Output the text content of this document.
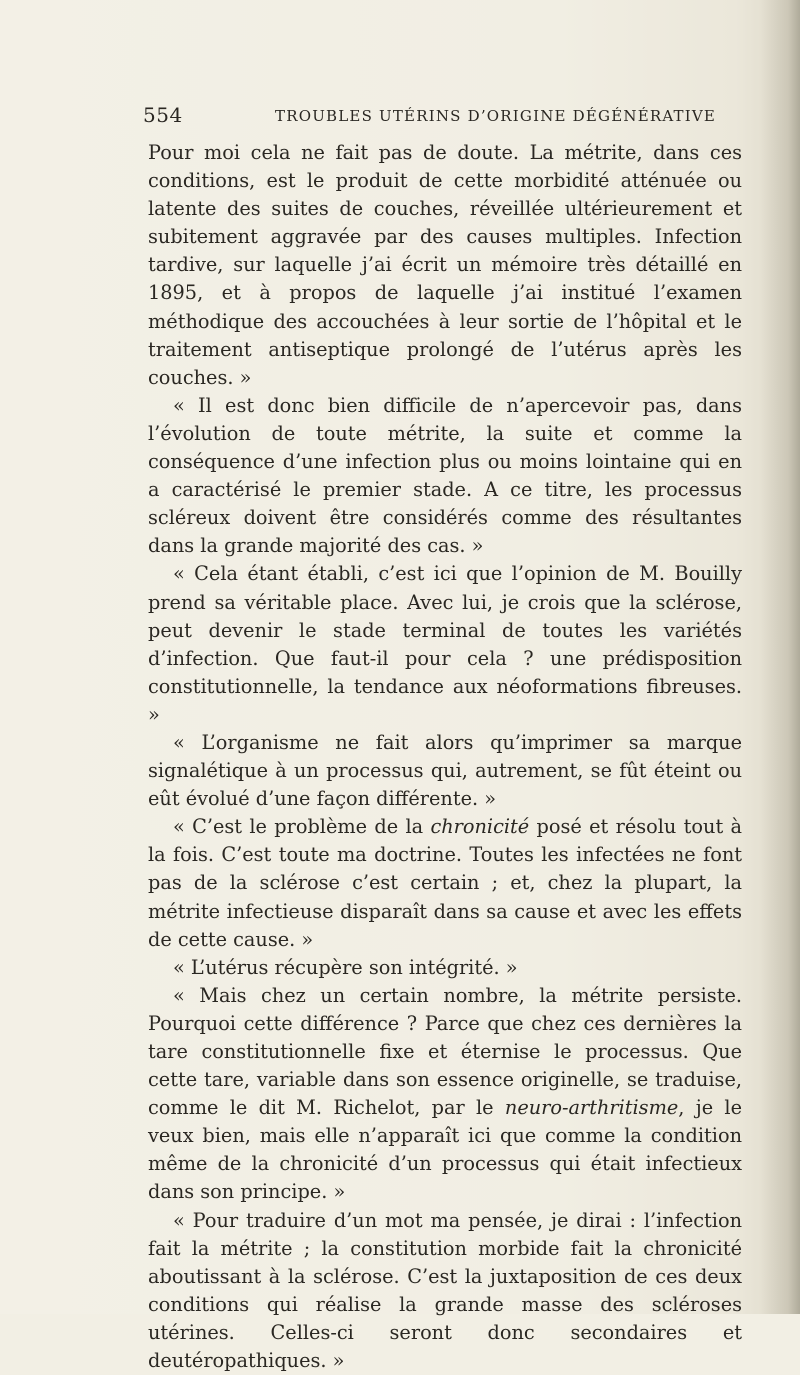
554	TROUBLES UTÉRINS D’ORIGINE DÉGÉNÉRATIVE

Pour moi cela ne fait pas de doute. La métrite, dans ces conditions, est le produit de cette morbidité atténuée ou latente des suites de couches, réveillée ultérieurement et subitement aggravée par des causes multiples. Infection tardive, sur laquelle j’ai écrit un mémoire très détaillé en 1895, et à propos de laquelle j’ai institué l’examen méthodique des accouchées à leur sortie de l’hôpital et le traitement antiseptique prolongé de l’utérus après les couches. »

« Il est donc bien difficile de n’apercevoir pas, dans l’évolution de toute métrite, la suite et comme la conséquence d’une infection plus ou moins lointaine qui en a caractérisé le premier stade. A ce titre, les processus scléreux doivent être considérés comme des résultantes dans la grande majorité des cas. »

« Cela étant établi, c’est ici que l’opinion de M. Bouilly prend sa véritable place. Avec lui, je crois que la sclérose, peut devenir le stade terminal de toutes les variétés d’infection. Que faut-il pour cela ? une prédisposition constitutionnelle, la tendance aux néoformations fibreuses. »

« L’organisme ne fait alors qu’imprimer sa marque signalétique à un processus qui, autrement, se fût éteint ou eût évolué d’une façon différente. »

« C’est le problème de la chronicité posé et résolu tout à la fois. C’est toute ma doctrine. Toutes les infectées ne font pas de la sclérose c’est certain ; et, chez la plupart, la métrite infectieuse disparaît dans sa cause et avec les effets de cette cause. »

« L’utérus récupère son intégrité. »

« Mais chez un certain nombre, la métrite persiste. Pourquoi cette différence ? Parce que chez ces dernières la tare constitutionnelle fixe et éternise le processus. Que cette tare, variable dans son essence originelle, se traduise, comme le dit M. Richelot, par le neuro-arthritisme, je le veux bien, mais elle n’apparaît ici que comme la condition même de la chronicité d’un processus qui était infectieux dans son principe. »

« Pour traduire d’un mot ma pensée, je dirai : l’infection fait la métrite ; la constitution morbide fait la chronicité aboutissant à la sclérose. C’est la juxtaposition de ces deux conditions qui réalise la grande masse des scléroses utérines. Celles-ci seront donc secondaires et deutéropathiques. »
